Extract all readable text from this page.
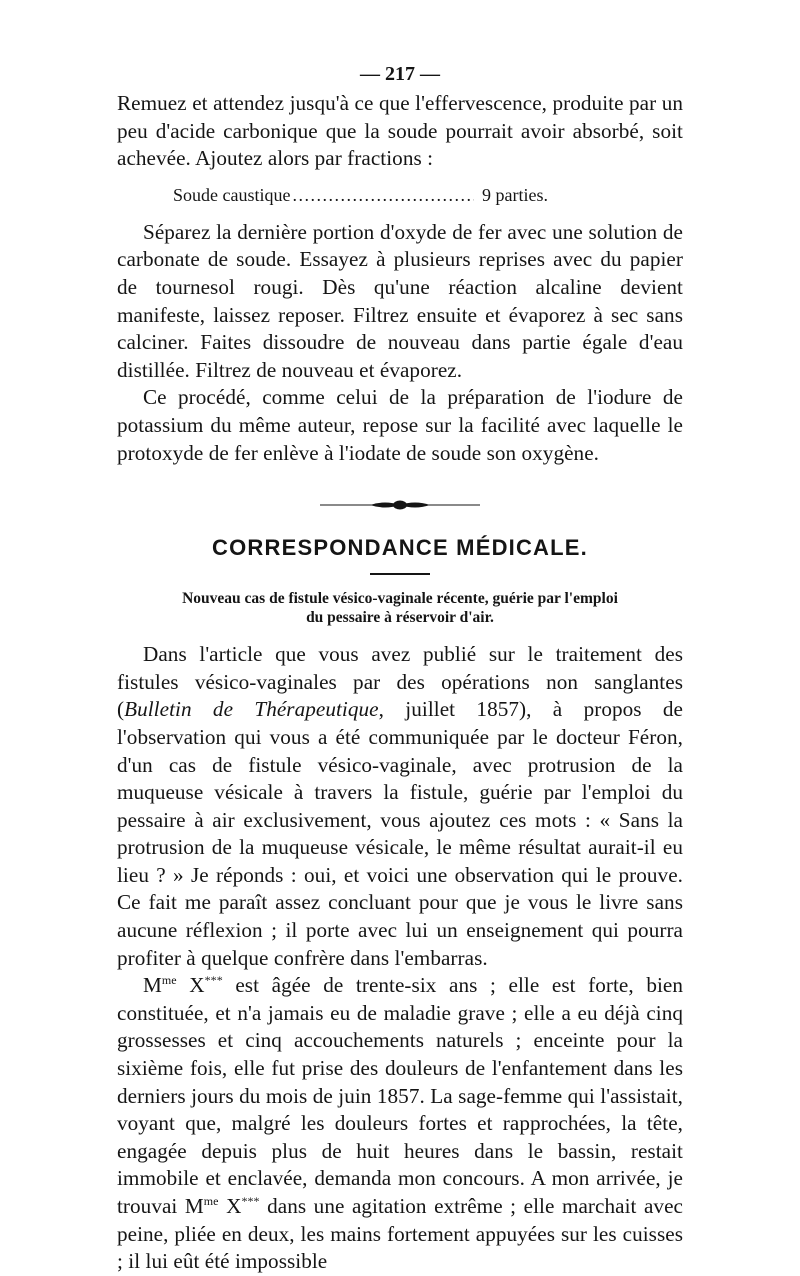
— 217 —

Remuez et attendez jusqu'à ce que l'effervescence, produite par un peu d'acide carbonique que la soude pourrait avoir absorbé, soit achevée. Ajoutez alors par fractions :

Soude caustique
.....	9 parties.

Séparez la dernière portion d'oxyde de fer avec une solution de carbonate de soude. Essayez à plusieurs reprises avec du papier de tournesol rougi. Dès qu'une réaction alcaline devient manifeste, laissez reposer. Filtrez ensuite et évaporez à sec sans calciner. Faites dissoudre de nouveau dans partie égale d'eau distillée. Filtrez de nouveau et évaporez.

Ce procédé, comme celui de la préparation de l'iodure de potassium du même auteur, repose sur la facilité avec laquelle le protoxyde de fer enlève à l'iodate de soude son oxygène.

CORRESPONDANCE MÉDICALE.
Nouveau cas de fistule vésico-vaginale récente, guérie par l'emploi
du pessaire à réservoir d'air.

Dans l'article que vous avez publié sur le traitement des fistules vésico-vaginales par des opérations non sanglantes (Bulletin de Thérapeutique, juillet 1857), à propos de l'observation qui vous a été communiquée par le docteur Féron, d'un cas de fistule vésico-vaginale, avec protrusion de la muqueuse vésicale à travers la fistule, guérie par l'emploi du pessaire à air exclusivement, vous ajoutez ces mots : « Sans la protrusion de la muqueuse vésicale, le même résultat aurait-il eu lieu ? » Je réponds : oui, et voici une observation qui le prouve. Ce fait me paraît assez concluant pour que je vous le livre sans aucune réflexion ; il porte avec lui un enseignement qui pourra profiter à quelque confrère dans l'embarras.

$M^{me}$ X*** est âgée de trente-six ans ; elle est forte, bien constituée, et n'a jamais eu de maladie grave ; elle a eu déjà cinq grossesses et cinq accouchements naturels ; enceinte pour la sixième fois, elle fut prise des douleurs de l'enfantement dans les derniers jours du mois de juin 1857. La sage-femme qui l'assistait, voyant que, malgré les douleurs fortes et rapprochées, la tête, engagée depuis plus de huit heures dans le bassin, restait immobile et enclavée, demanda mon concours. A mon arrivée, je trouvai $M^{me}$ X*** dans une agitation extrême ; elle marchait avec peine, pliée en deux, les mains fortement appuyées sur les cuisses ; il lui eût été impossible
